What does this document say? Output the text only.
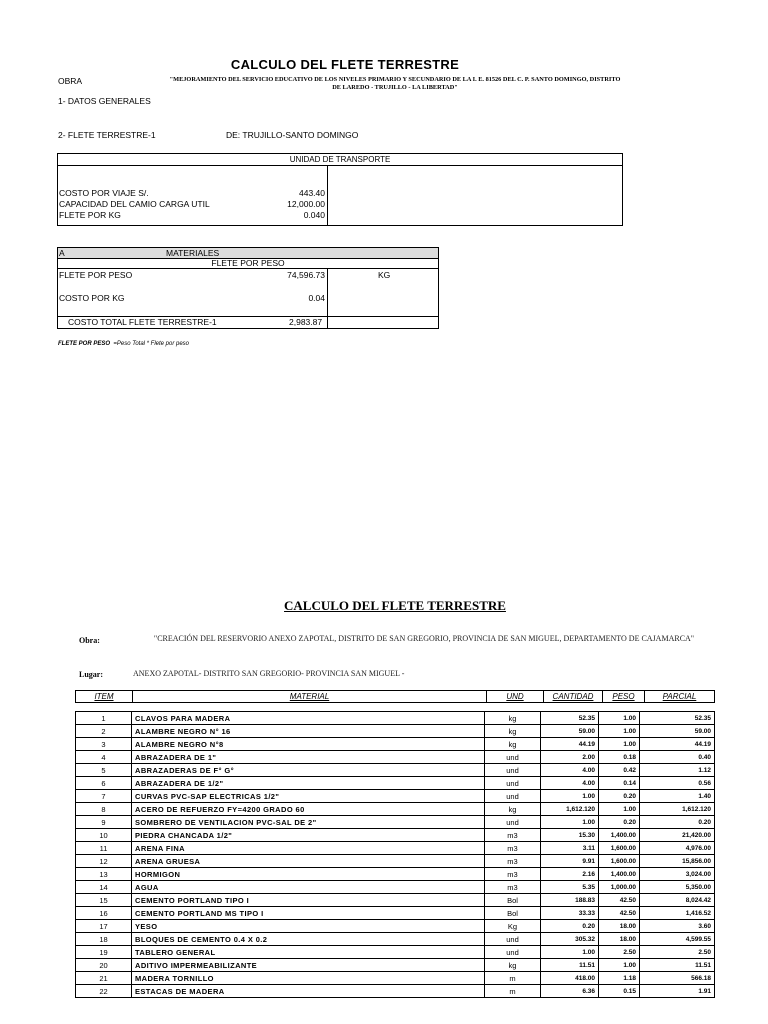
CALCULO DEL FLETE TERRESTRE
OBRA	"MEJORAMIENTO DEL SERVICIO EDUCATIVO DE LOS NIVELES PRIMARIO Y SECUNDARIO DE LA I. E. 81526 DEL C. P. SANTO DOMINGO, DISTRITO DE LAREDO - TRUJILLO - LA LIBERTAD"
1- DATOS GENERALES
2- FLETE TERRESTRE-1	DE: TRUJILLO-SANTO DOMINGO
UNIDAD DE TRANSPORTE
COSTO POR VIAJE S/.	443.40
CAPACIDAD DEL CAMIO CARGA UTIL	12,000.00
FLETE POR KG	0.040
A	MATERIALES
FLETE POR PESO
FLETE POR PESO	74,596.73	KG
COSTO POR KG	0.04
COSTO TOTAL FLETE TERRESTRE-1	2,983.87
FLETE POR PESO =Peso Total * Flete por peso
CALCULO DEL FLETE TERRESTRE
Obra:	"CREACIÓN DEL RESERVORIO ANEXO ZAPOTAL, DISTRITO DE SAN GREGORIO, PROVINCIA DE SAN MIGUEL, DEPARTAMENTO DE CAJAMARCA"
Lugar:	ANEXO ZAPOTAL- DISTRITO SAN GREGORIO- PROVINCIA SAN MIGUEL -
ITEM	MATERIAL	UND	CANTIDAD	PESO	PARCIAL
1	CLAVOS PARA MADERA	kg	52.35	1.00	52.35
2	ALAMBRE NEGRO N° 16	kg	59.00	1.00	59.00
3	ALAMBRE NEGRO N°8	kg	44.19	1.00	44.19
4	ABRAZADERA DE 1"	und	2.00	0.18	0.40
5	ABRAZADERAS DE F° G°	und	4.00	0.42	1.12
6	ABRAZADERA DE 1/2"	und	4.00	0.14	0.56
7	CURVAS PVC-SAP ELECTRICAS 1/2"	und	1.00	0.20	1.40
8	ACERO DE REFUERZO FY=4200 GRADO 60	kg	1,612.120	1.00	1,612.120
9	SOMBRERO DE VENTILACION PVC-SAL DE 2"	und	1.00	0.20	0.20
10	PIEDRA CHANCADA 1/2"	m3	15.30	1,400.00	21,420.00
11	ARENA FINA	m3	3.11	1,600.00	4,976.00
12	ARENA GRUESA	m3	9.91	1,600.00	15,856.00
13	HORMIGON	m3	2.16	1,400.00	3,024.00
14	AGUA	m3	5.35	1,000.00	5,350.00
15	CEMENTO PORTLAND TIPO I	Bol	188.83	42.50	8,024.42
16	CEMENTO PORTLAND MS TIPO I	Bol	33.33	42.50	1,416.52
17	YESO	Kg	0.20	18.00	3.60
18	BLOQUES DE CEMENTO 0.4 X 0.2	und	305.32	18.00	4,599.55
19	TABLERO GENERAL	und	1.00	2.50	2.50
20	ADITIVO IMPERMEABILIZANTE	kg	11.51	1.00	11.51
21	MADERA TORNILLO	m	418.00	1.18	566.18
22	ESTACAS DE MADERA	m	6.36	0.15	1.91
